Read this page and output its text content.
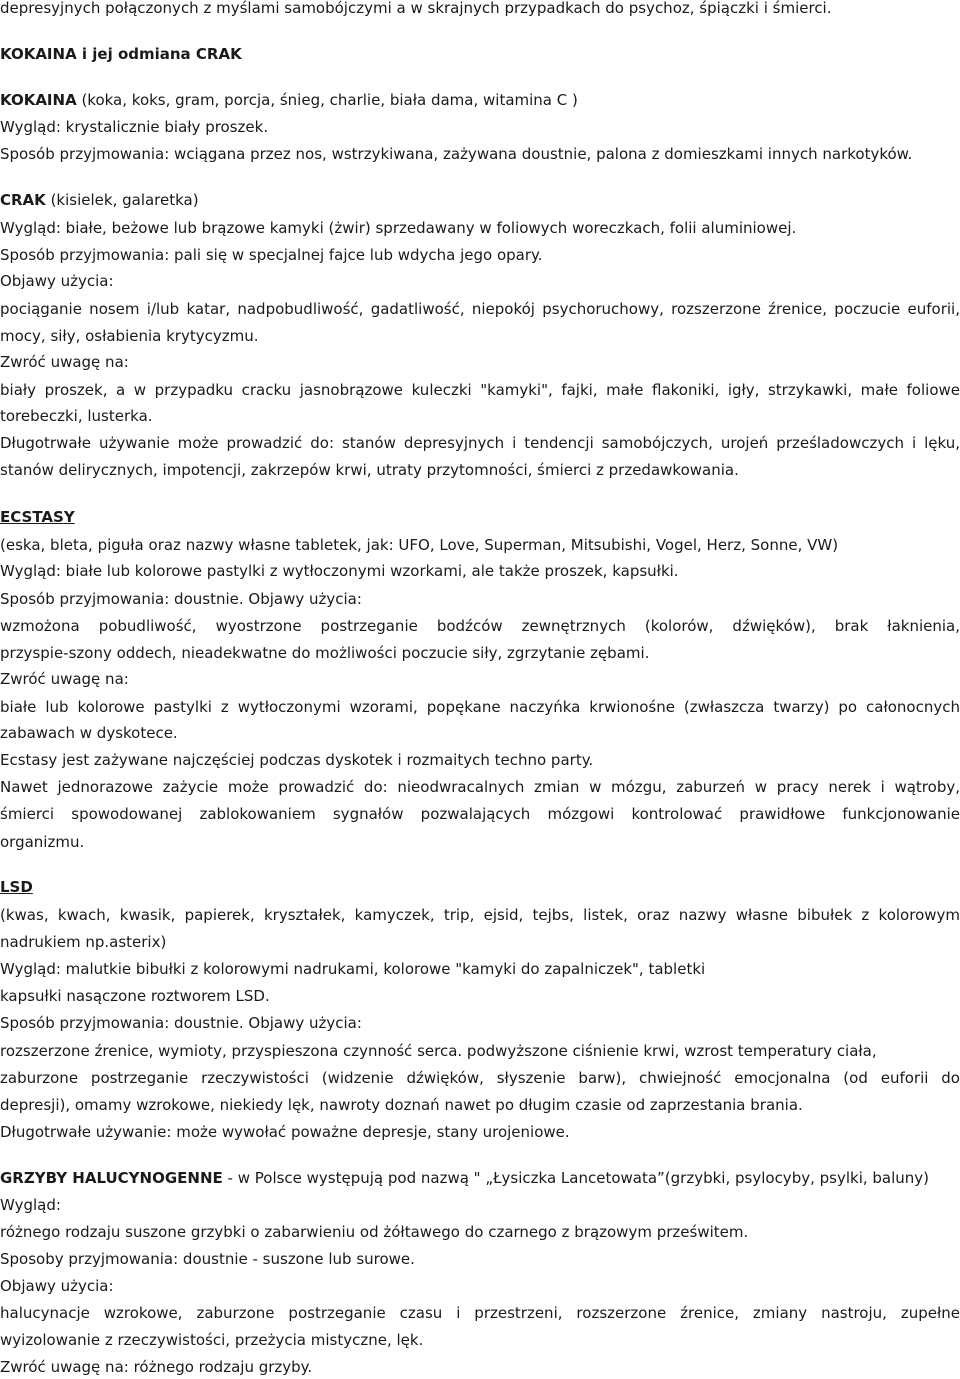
depresyjnych połączonych z myślami samobójczymi a w skrajnych przypadkach do psychoz, śpiączki i śmierci.
KOKAINA i jej odmiana CRAK
KOKAINA (koka, koks, gram, porcja, śnieg, charlie, biała dama, witamina C )
Wygląd: krystalicznie biały proszek.
Sposób przyjmowania: wciągana przez nos, wstrzykiwana, zażywana doustnie, palona z domieszkami innych narkotyków.
CRAK (kisielek, galaretka)
Wygląd: białe, beżowe lub brązowe kamyki (żwir) sprzedawany w foliowych woreczkach, folii aluminiowej.
Sposób przyjmowania: pali się w specjalnej fajce lub wdycha jego opary.
Objawy użycia:
pociąganie nosem i/lub katar, nadpobudliwość, gadatliwość, niepokój psychoruchowy, rozszerzone źrenice, poczucie euforii,
mocy, siły, osłabienia krytycyzmu.
Zwróć uwagę na:
biały proszek, a w przypadku cracku jasnobrązowe kuleczki "kamyki", fajki, małe flakoniki, igły, strzykawki, małe foliowe
torebeczki, lusterka.
Długotrwałe używanie może prowadzić do: stanów depresyjnych i tendencji samobójczych, urojeń prześladowczych i lęku,
stanów delirycznych, impotencji, zakrzepów krwi, utraty przytomności, śmierci z przedawkowania.
ECSTASY
(eska, bleta, piguła oraz nazwy własne tabletek, jak: UFO, Love, Superman, Mitsubishi, Vogel, Herz, Sonne, VW)
Wygląd: białe lub kolorowe pastylki z wytłoczonymi wzorkami, ale także proszek, kapsułki.
Sposób przyjmowania: doustnie. Objawy użycia:
wzmożona pobudliwość, wyostrzone postrzeganie bodźców zewnętrznych (kolorów, dźwięków), brak łaknienia,
przyspie-szony oddech, nieadekwatne do możliwości poczucie siły, zgrzytanie zębami.
Zwróć uwagę na:
białe lub kolorowe pastylki z wytłoczonymi wzorami, popękane naczyńka krwionośne (zwłaszcza twarzy) po całonocnych
zabawach w dyskotece.
Ecstasy jest zażywane najczęściej podczas dyskotek i rozmaitych techno party.
Nawet jednorazowe zażycie może prowadzić do: nieodwracalnych zmian w mózgu, zaburzeń w pracy nerek i wątroby,
śmierci spowodowanej zablokowaniem sygnałów pozwalających mózgowi kontrolować prawidłowe funkcjonowanie
organizmu.
LSD
(kwas, kwach, kwasik, papierek, kryształek, kamyczek, trip, ejsid, tejbs, listek, oraz nazwy własne bibułek z kolorowym
nadrukiem np.asterix)
Wygląd: malutkie bibułki z kolorowymi nadrukami, kolorowe "kamyki do zapalniczek", tabletki
kapsułki nasączone roztworem LSD.
Sposób przyjmowania: doustnie. Objawy użycia:
rozszerzone źrenice, wymioty, przyspieszona czynność serca. podwyższone ciśnienie krwi, wzrost temperatury ciała,
zaburzone postrzeganie rzeczywistości (widzenie dźwięków, słyszenie barw), chwiejność emocjonalna (od euforii do
depresji), omamy wzrokowe, niekiedy lęk, nawroty doznań nawet po długim czasie od zaprzestania brania.
Długotrwałe używanie: może wywołać poważne depresje, stany urojeniowe.
GRZYBY HALUCYNOGENNE - w Polsce występują pod nazwą " „Łysiczka Lancetowata”(grzybki, psylocyby, psylki, baluny)
Wygląd:
różnego rodzaju suszone grzybki o zabarwieniu od żółtawego do czarnego z brązowym prześwitem.
Sposoby przyjmowania: doustnie - suszone lub surowe.
Objawy użycia:
halucynacje wzrokowe, zaburzone postrzeganie czasu i przestrzeni, rozszerzone źrenice, zmiany nastroju, zupełne
wyizolowanie z rzeczywistości, przeżycia mistyczne, lęk.
Zwróć uwagę na: różnego rodzaju grzyby.
